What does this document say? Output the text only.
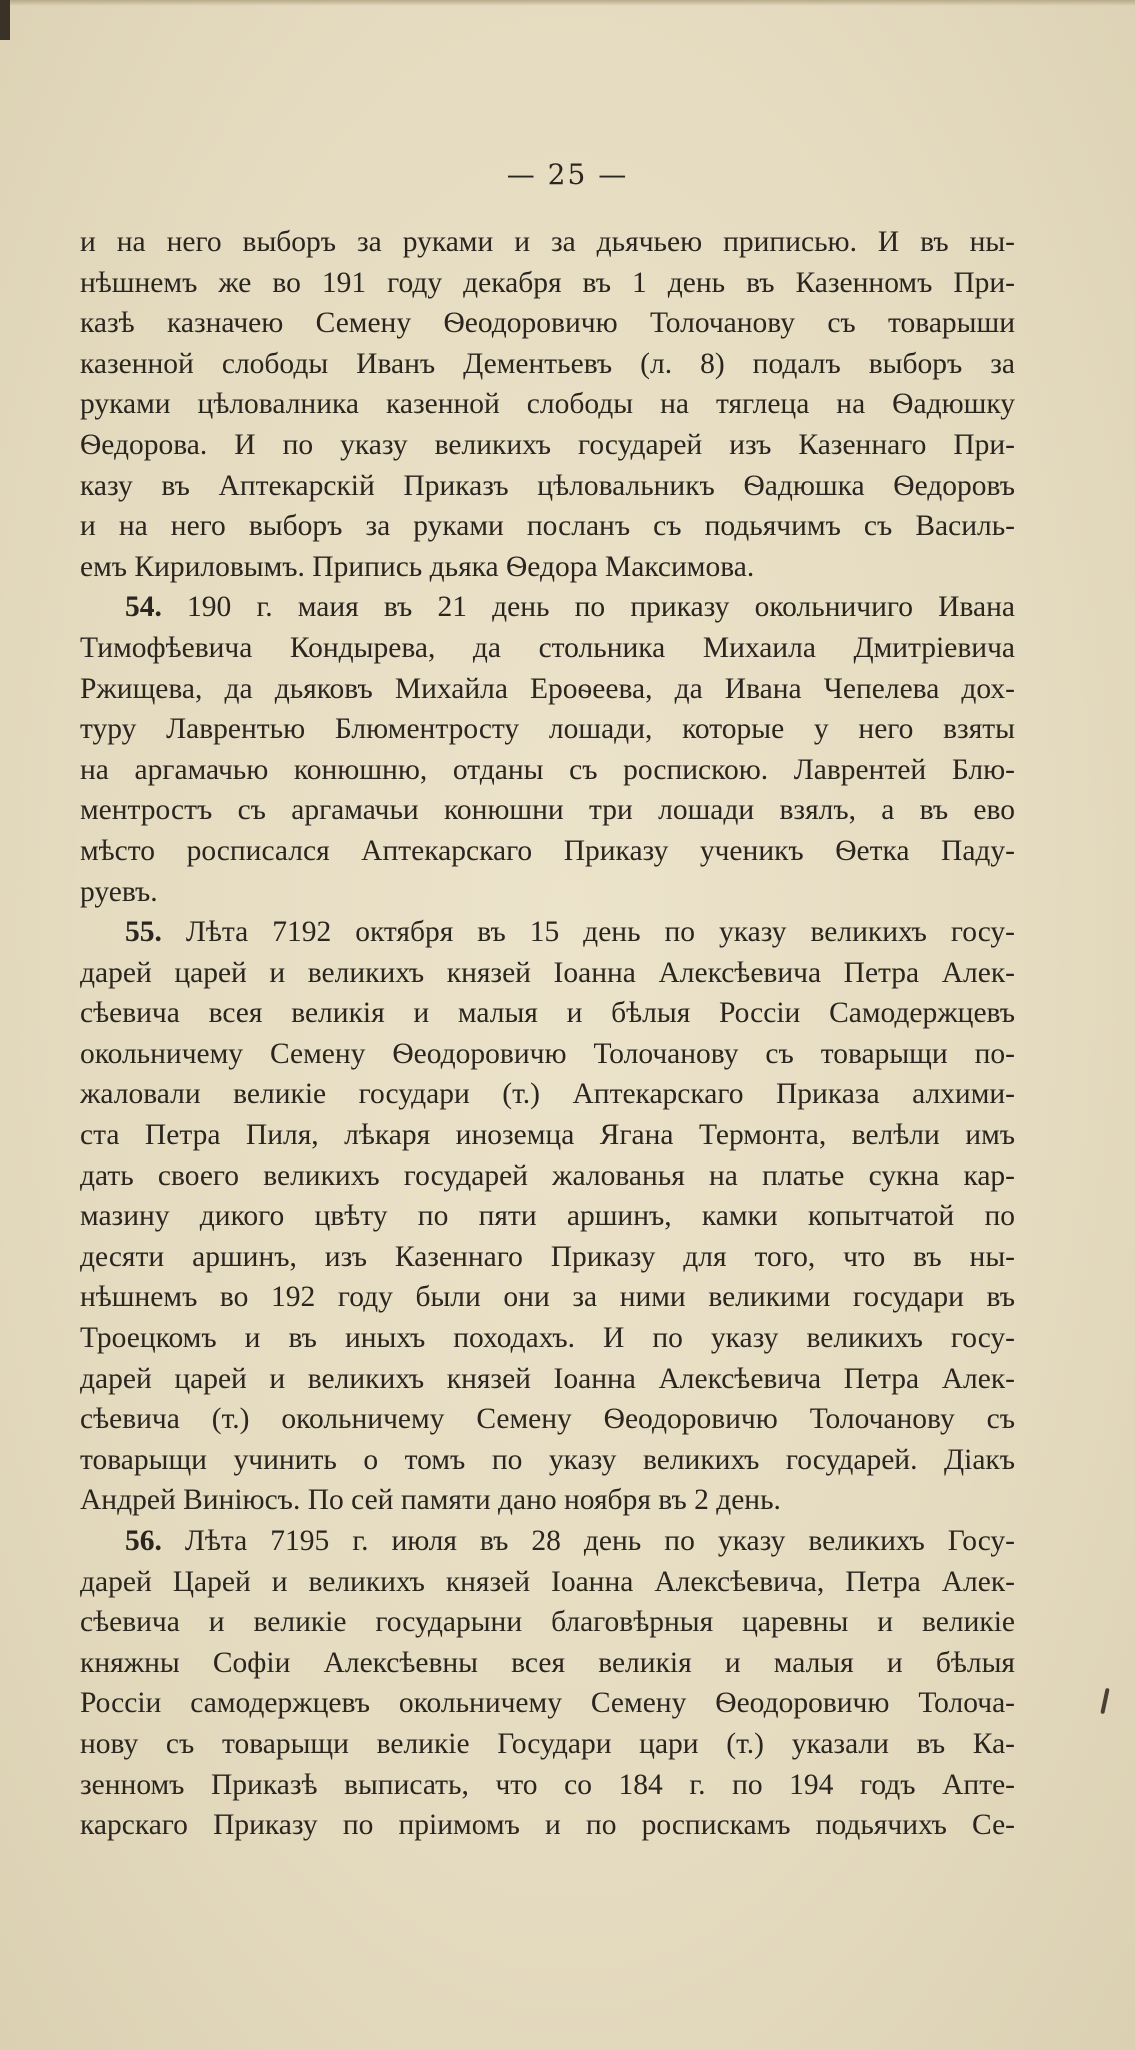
— 25 —
и на него выборъ за руками и за дьячьею приписью. И въ ны-
нѣшнемъ же во 191 году декабря въ 1 день въ Казенномъ При-
казѣ казначею Семену Ѳеодоровичю Толочанову съ товарыши
казенной слободы Иванъ Дементьевъ (л. 8) подалъ выборъ за
руками цѣловалника казенной слободы на тяглеца на Ѳадюшку
Ѳедорова. И по указу великихъ государей изъ Казеннаго При-
казу въ Аптекарскій Приказъ цѣловальникъ Ѳадюшка Ѳедоровъ
и на него выборъ за руками посланъ съ подьячимъ съ Василь-
емъ Кириловымъ. Припись дьяка Ѳедора Максимова.
54. 190 г. маия въ 21 день по приказу окольничиго Ивана
Тимофѣевича Кондырева, да стольника Михаила Дмитріевича
Ржищева, да дьяковъ Михайла Ероѳеева, да Ивана Чепелева дох-
туру Лаврентью Блюментросту лошади, которые у него взяты
на аргамачью конюшню, отданы съ роспискою. Лаврентей Блю-
ментростъ съ аргамачьи конюшни три лошади взялъ, а въ ево
мѣсто росписался Аптекарскаго Приказу ученикъ Ѳетка Паду-
руевъ.
55. Лѣта 7192 октября въ 15 день по указу великихъ госу-
дарей царей и великихъ князей Іоанна Алексѣевича Петра Алек-
сѣевича всея великія и малыя и бѣлыя Россіи Самодержцевъ
окольничему Семену Ѳеодоровичю Толочанову съ товарыщи по-
жаловали великіе государи (т.) Аптекарскаго Приказа алхими-
ста Петра Пиля, лѣкаря иноземца Ягана Термонта, велѣли имъ
дать своего великихъ государей жалованья на платье сукна кар-
мазину дикого цвѣту по пяти аршинъ, камки копытчатой по
десяти аршинъ, изъ Казеннаго Приказу для того, что въ ны-
нѣшнемъ во 192 году были они за ними великими государи въ
Троецкомъ и въ иныхъ походахъ. И по указу великихъ госу-
дарей царей и великихъ князей Іоанна Алексѣевича Петра Алек-
сѣевича (т.) окольничему Семену Ѳеодоровичю Толочанову съ
товарыщи учинить о томъ по указу великихъ государей. Діакъ
Андрей Виніюсъ. По сей памяти дано ноября въ 2 день.
56. Лѣта 7195 г. июля въ 28 день по указу великихъ Госу-
дарей Царей и великихъ князей Іоанна Алексѣевича, Петра Алек-
сѣевича и великіе государыни благовѣрныя царевны и великіе
княжны Софіи Алексѣевны всея великія и малыя и бѣлыя
Россіи самодержцевъ окольничему Семену Ѳеодоровичю Толоча-
нову съ товарыщи великіе Государи цари (т.) указали въ Ка-
зенномъ Приказѣ выписать, что со 184 г. по 194 годъ Апте-
карскаго Приказу по пріимомъ и по роспискамъ подьячихъ Се-
